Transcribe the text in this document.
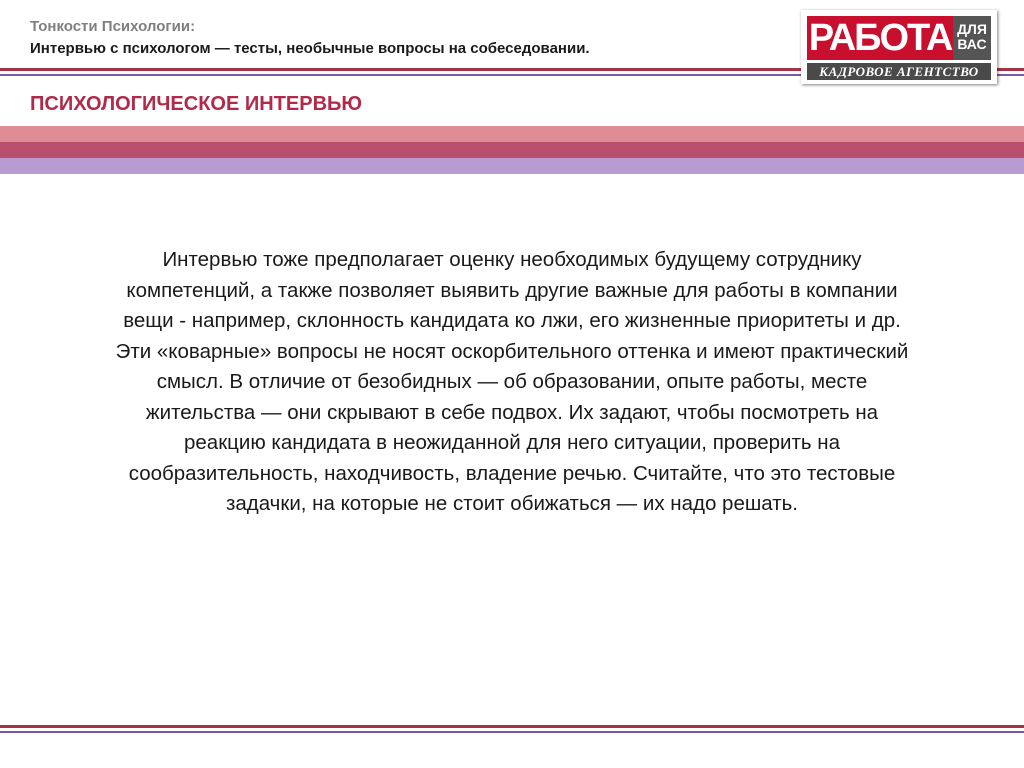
Тонкости Психологии:
Интервью с психологом — тесты, необычные вопросы на собеседовании.	РАБОТА ДЛЯ
ВАС
КАДРОВОЕ АГЕНТСТВО
ПСИХОЛОГИЧЕСКОЕ ИНТЕРВЬЮ

Интервью тоже предполагает оценку необходимых будущему сотруднику компетенций, а также позволяет выявить другие важные для работы в компании вещи - например, склонность кандидата ко лжи, его жизненные приоритеты и др. Эти «коварные» вопросы не носят оскорбительного оттенка и имеют практический смысл. В отличие от безобидных — об образовании, опыте работы, месте жительства — они скрывают в себе подвох. Их задают, чтобы посмотреть на реакцию кандидата в неожиданной для него ситуации, проверить на сообразительность, находчивость, владение речью. Считайте, что это тестовые задачки, на которые не стоит обижаться — их надо решать.
